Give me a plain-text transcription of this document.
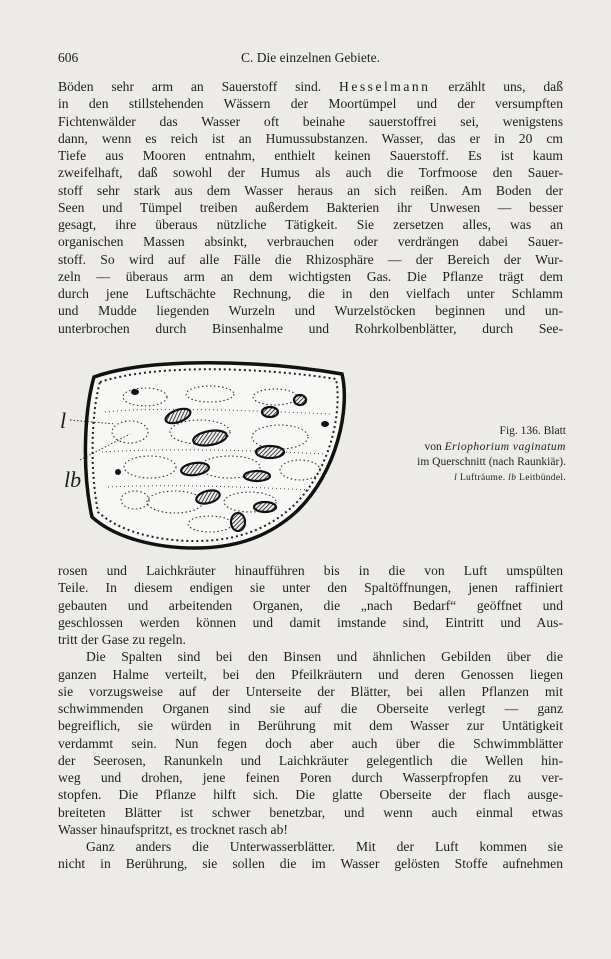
606	C. Die einzelnen Gebiete.
Böden sehr arm an Sauerstoff sind. Hesselmann erzählt uns, daß
in den stillstehenden Wässern der Moortümpel und der versumpften
Fichtenwälder das Wasser oft beinahe sauerstoffrei sei, wenigstens
dann, wenn es reich ist an Humussubstanzen. Wasser, das er in 20 cm
Tiefe aus Mooren entnahm, enthielt keinen Sauerstoff. Es ist kaum
zweifelhaft, daß sowohl der Humus als auch die Torfmoose den Sauer-
stoff sehr stark aus dem Wasser heraus an sich reißen. Am Boden der
Seen und Tümpel treiben außerdem Bakterien ihr Unwesen — besser
gesagt, ihre überaus nützliche Tätigkeit. Sie zersetzen alles, was an
organischen Massen absinkt, verbrauchen oder verdrängen dabei Sauer-
stoff. So wird auf alle Fälle die Rhizosphäre — der Bereich der Wur-
zeln — überaus arm an dem wichtigsten Gas. Die Pflanze trägt dem
durch jene Luftschächte Rechnung, die in den vielfach unter Schlamm
und Mudde liegenden Wurzeln und Wurzelstöcken beginnen und un-
unterbrochen durch Binsenhalme und Rohrkolbenblätter, durch See-
l
lb
Fig. 136. Blatt
von Eriophorium vaginatum
im Querschnitt (nach Raunkiär).
l Lufträume. lb Leitbündel.
rosen und Laichkräuter hinaufführen bis in die von Luft umspülten
Teile. In diesem endigen sie unter den Spaltöffnungen, jenen raffiniert
gebauten und arbeitenden Organen, die „nach Bedarf“ geöffnet und
geschlossen werden können und damit imstande sind, Eintritt und Aus-
tritt der Gase zu regeln.
Die Spalten sind bei den Binsen und ähnlichen Gebilden über die
ganzen Halme verteilt, bei den Pfeilkräutern und deren Genossen liegen
sie vorzugsweise auf der Unterseite der Blätter, bei allen Pflanzen mit
schwimmenden Organen sind sie auf die Oberseite verlegt — ganz
begreiflich, sie würden in Berührung mit dem Wasser zur Untätigkeit
verdammt sein. Nun fegen doch aber auch über die Schwimmblätter
der Seerosen, Ranunkeln und Laichkräuter gelegentlich die Wellen hin-
weg und drohen, jene feinen Poren durch Wasserpfropfen zu ver-
stopfen. Die Pflanze hilft sich. Die glatte Oberseite der flach ausge-
breiteten Blätter ist schwer benetzbar, und wenn auch einmal etwas
Wasser hinaufspritzt, es trocknet rasch ab!
Ganz anders die Unterwasserblätter. Mit der Luft kommen sie
nicht in Berührung, sie sollen die im Wasser gelösten Stoffe aufnehmen
